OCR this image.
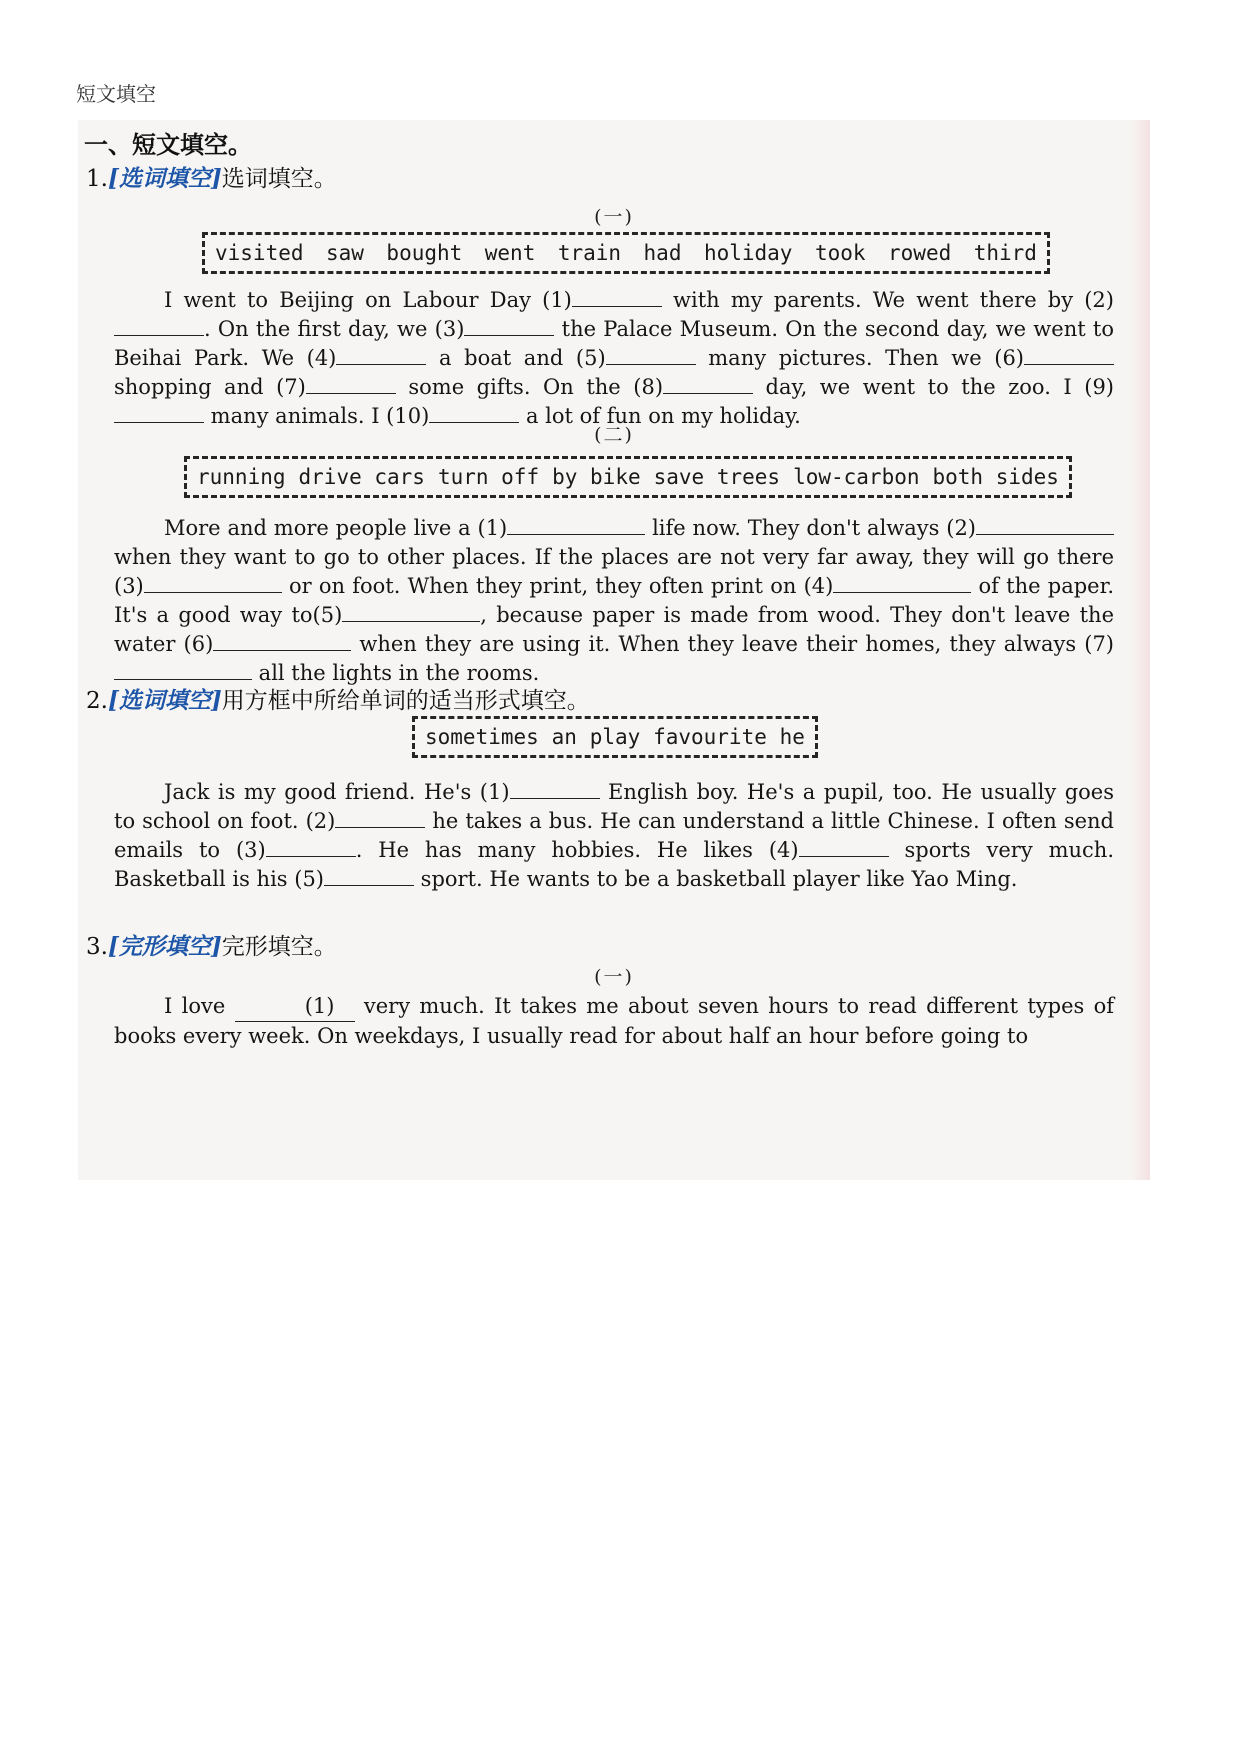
短文填空
一、短文填空。
1.[选词填空]选词填空。
(一)
visited saw bought went train had holiday took rowed third

I went to Beijing on Labour Day (1)	with my parents. We went there by (2). On the first day, we (3)	the Palace Museum. On the second day, we went to Beihai Park. We (4)	a boat and (5)	many pictures. Then we (6) shopping and (7)	some gifts. On the (8)	day, we went to the zoo. I (9) many animals. I (10)	a lot of fun on my holiday.

(二)
running drive cars turn off by bike save trees low-carbon both sides

More and more people live a (1)	life now. They don't always (2) when they want to go to other places. If the places are not very far away, they will go there (3)	or on foot. When they print, they often print on (4)	of the paper. It's a good way to(5)	, because paper is made from wood. They don't leave the water (6)	when they are using it. When they leave their homes, they always (7) all the lights in the rooms.

2.[选词填空]用方框中所给单词的适当形式填空。
sometimes an play favourite he

Jack is my good friend. He's (1)	English boy. He's a pupil, too. He usually goes to school on foot. (2)	he takes a bus. He can understand a little Chinese. I often send emails to (3)	. He has many hobbies. He likes (4)	sports very much. Basketball is his (5)	sport. He wants to be a basketball player like Yao Ming.

3.[完形填空]完形填空。
(一)

I love	(1) very much. It takes me about seven hours to read different types of books every week. On weekdays, I usually read for about half an hour before going to
